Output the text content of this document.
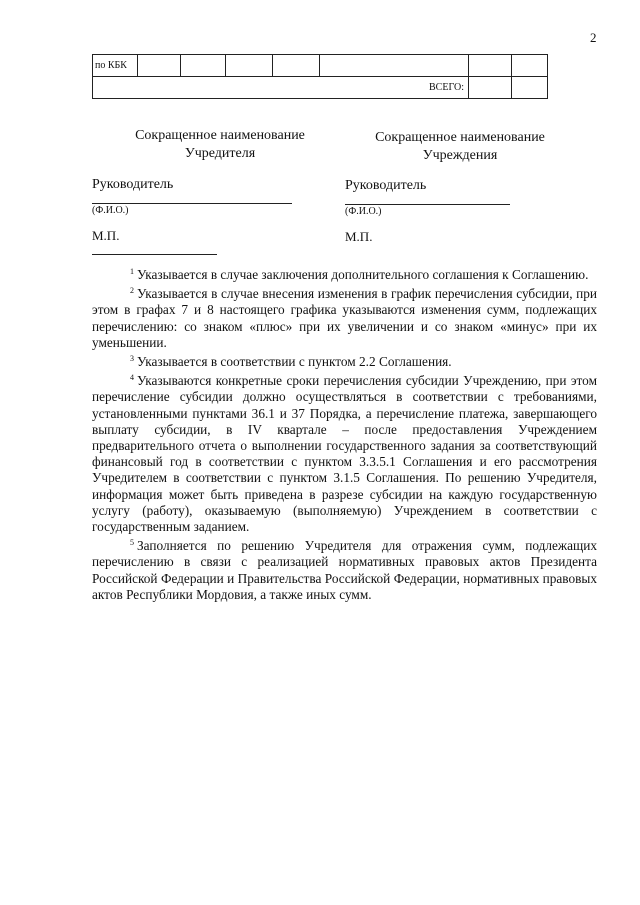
2
по КБК							
ВСЕГО:							
Сокращенное наименование
Учредителя
Сокращенное наименование
Учреждения
Руководитель
(Ф.И.О.)
М.П.
Руководитель
(Ф.И.О.)
М.П.

$^1$ Указывается в случае заключения дополнительного соглашения к Соглашению.

$^2$ Указывается в случае внесения изменения в график перечисления субсидии, при этом в графах 7 и 8 настоящего графика указываются изменения сумм, подлежащих перечислению: со знаком «плюс» при их увеличении и со знаком «минус» при их уменьшении.

$^3$ Указывается в соответствии с пунктом 2.2 Соглашения.

$^4$ Указываются конкретные сроки перечисления субсидии Учреждению, при этом перечисление субсидии должно осуществляться в соответствии с требованиями, установленными пунктами 36.1 и 37 Порядка, а перечисление платежа, завершающего выплату субсидии, в IV квартале – после предоставления Учреждением предварительного отчета о выполнении государственного задания за соответствующий финансовый год в соответствии с пунктом 3.3.5.1 Соглашения и его рассмотрения Учредителем в соответствии с пунктом 3.1.5 Соглашения. По решению Учредителя, информация может быть приведена в разрезе субсидии на каждую государственную услугу (работу), оказываемую (выполняемую) Учреждением в соответствии с государственным заданием.

$^5$ Заполняется по решению Учредителя для отражения сумм, подлежащих перечислению в связи с реализацией нормативных правовых актов Президента Российской Федерации и Правительства Российской Федерации, нормативных правовых актов Республики Мордовия, а также иных сумм.
